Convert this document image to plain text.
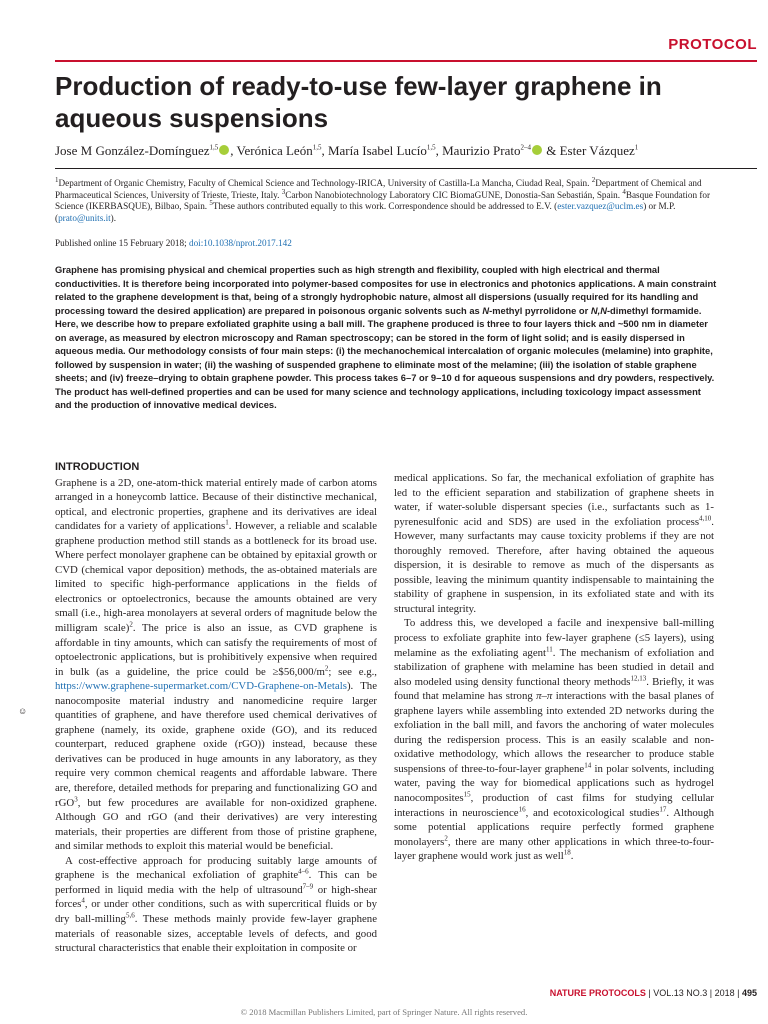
PROTOCOL
Production of ready-to-use few-layer graphene in aqueous suspensions
Jose M González-Domínguez$^{1,5}$ , Verónica León$^{1,5}$, María Isabel Lucío$^{1,5}$, Maurizio Prato$^{2-4}$ & Ester Vázquez$^1$
$^1$Department of Organic Chemistry, Faculty of Chemical Science and Technology-IRICA, University of Castilla-La Mancha, Ciudad Real, Spain. $^2$Department of Chemical and Pharmaceutical Sciences, University of Trieste, Trieste, Italy. $^3$Carbon Nanobiotechnology Laboratory CIC BiomaGUNE, Donostia-San Sebastián, Spain. $^4$Basque Foundation for Science (IKERBASQUE), Bilbao, Spain. $^5$These authors contributed equally to this work. Correspondence should be addressed to E.V. (ester.vazquez@uclm.es) or M.P. (prato@units.it).
Published online 15 February 2018; doi:10.1038/nprot.2017.142
Graphene has promising physical and chemical properties such as high strength and flexibility, coupled with high electrical and thermal conductivities. It is therefore being incorporated into polymer-based composites for use in electronics and photonics applications. A main constraint related to the graphene development is that, being of a strongly hydrophobic nature, almost all dispersions (usually required for its handling and processing toward the desired application) are prepared in poisonous organic solvents such as N-methyl pyrrolidone or N,N-dimethyl formamide. Here, we describe how to prepare exfoliated graphite using a ball mill. The graphene produced is three to four layers thick and ~500 nm in diameter on average, as measured by electron microscopy and Raman spectroscopy; can be stored in the form of light solid; and is easily dispersed in aqueous media. Our methodology consists of four main steps: (i) the mechanochemical intercalation of organic molecules (melamine) into graphite, followed by suspension in water; (ii) the washing of suspended graphene to eliminate most of the melamine; (iii) the isolation of stable graphene sheets; and (iv) freeze–drying to obtain graphene powder. This process takes 6–7 or 9–10 d for aqueous suspensions and dry powders, respectively. The product has well-defined properties and can be used for many science and technology applications, including toxicology impact assessment and the production of innovative medical devices.
INTRODUCTION

Graphene is a 2D, one-atom-thick material entirely made of carbon atoms arranged in a honeycomb lattice. Because of their distinctive mechanical, optical, and electronic properties, graphene and its derivatives are ideal candidates for a variety of applications$^1$. However, a reliable and scalable graphene production method still stands as a bottleneck for its broad use. Where perfect monolayer graphene can be obtained by epitaxial growth or CVD (chemical vapor deposition) methods, the as-obtained materials are limited to specific high-performance applications in the fields of electronics or optoelectronics, because the amounts obtained are very small (i.e., high-area monolayers at several orders of magnitude below the milligram scale)$^2$. The price is also an issue, as CVD graphene is affordable in tiny amounts, which can satisfy the requirements of most of optoelectronic applications, but is prohibitively expensive when required in bulk (as a guideline, the price could be $\ge\$56,000/m^2$; see e.g., https://www.graphene-supermarket.com/CVD-Graphene-on-Metals). The nanocomposite material industry and nanomedicine require larger quantities of graphene, and have therefore used chemical derivatives of graphene (namely, its oxide, graphene oxide (GO), and its reduced counterpart, reduced graphene oxide (rGO)) instead, because these derivatives can be produced in huge amounts in any laboratory, as they require very common chemical reagents and affordable labware. There are, therefore, detailed methods for preparing and functionalizing GO and rGO$^3$, but few procedures are available for non-oxidized graphene. Although GO and rGO (and their derivatives) are very interesting materials, their properties are different from those of pristine graphene, and similar methods to exploit this material would be beneficial.

A cost-effective approach for producing suitably large amounts of graphene is the mechanical exfoliation of graphite$^{4-6}$. This can be performed in liquid media with the help of ultrasound$^{7-9}$ or high-shear forces$^4$, or under other conditions, such as with supercritical fluids or by dry ball-milling$^{5,6}$. These methods mainly provide few-layer graphene materials of reasonable sizes, acceptable levels of defects, and good structural characteristics that enable their exploitation in composite or

medical applications. So far, the mechanical exfoliation of graphite has led to the efficient separation and stabilization of graphene sheets in water, if water-soluble dispersant species (i.e., surfactants such as 1-pyrenesulfonic acid and SDS) are used in the exfoliation process$^{4,10}$. However, many surfactants may cause toxicity problems if they are not thoroughly removed. Therefore, after having obtained the aqueous dispersion, it is desirable to remove as much of the dispersants as possible, leaving the minimum quantity indispensable to maintaining the stability of graphene in suspension, in its exfoliated state and with its structural integrity.

To address this, we developed a facile and inexpensive ball-milling process to exfoliate graphite into few-layer graphene (≤5 layers), using melamine as the exfoliating agent$^{11}$. The mechanism of exfoliation and stabilization of graphene with melamine has been studied in detail and also modeled using density functional theory methods$^{12,13}$. Briefly, it was found that melamine has strong π–π interactions with the basal planes of graphene layers while assembling into extended 2D networks during the exfoliation in the ball mill, and favors the anchoring of water molecules during the redispersion process. This is an easily scalable and non-oxidative methodology, which allows the researcher to produce stable suspensions of three-to-four-layer graphene$^{14}$ in polar solvents, including water, paving the way for biomedical applications such as hydrogel nanocomposites$^{15}$, production of cast films for studying cellular interactions in neuroscience$^{16}$, and ecotoxicological studies$^{17}$. Although some potential applications require perfectly formed graphene monolayers$^2$, there are many other applications in which three-to-four-layer graphene would work just as well$^{18}$.

☺
NATURE PROTOCOLS | VOL.13 NO.3 | 2018 | 495
© 2018 Macmillan Publishers Limited, part of Springer Nature. All rights reserved.
